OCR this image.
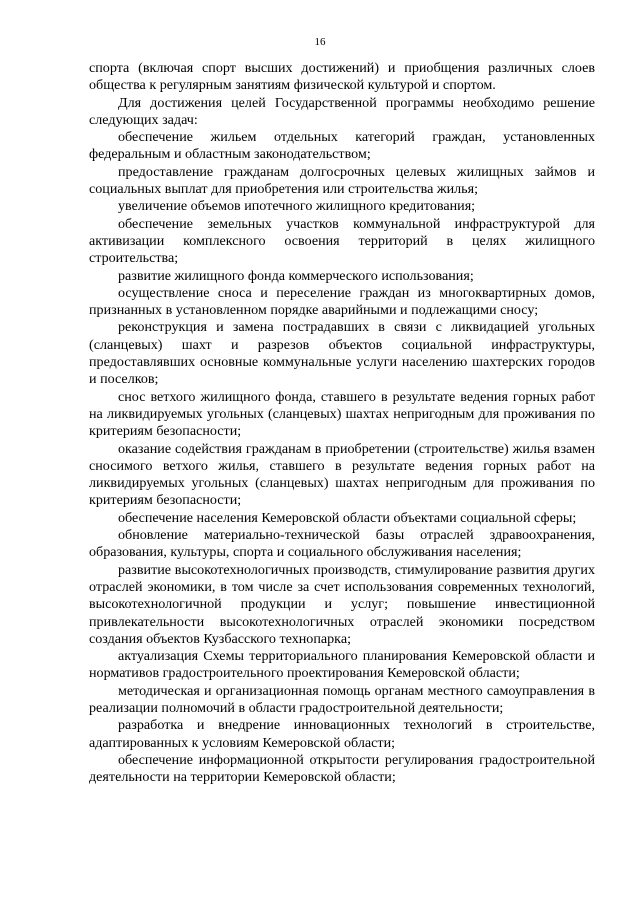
16

спорта (включая спорт высших достижений) и приобщения различных слоев общества к регулярным занятиям физической культурой и спортом.

Для достижения целей Государственной программы необходимо решение следующих задач:

обеспечение жильем отдельных категорий граждан, установленных федеральным и областным законодательством;

предоставление гражданам долгосрочных целевых жилищных займов и социальных выплат для приобретения или строительства жилья;

увеличение объемов ипотечного жилищного кредитования;

обеспечение земельных участков коммунальной инфраструктурой для активизации комплексного освоения территорий в целях жилищного строительства;

развитие жилищного фонда коммерческого использования;

осуществление сноса и переселение граждан из многоквартирных домов, признанных в установленном порядке аварийными и подлежащими сносу;

реконструкция и замена пострадавших в связи с ликвидацией угольных (сланцевых) шахт и разрезов объектов социальной инфраструктуры, предоставлявших основные коммунальные услуги населению шахтерских городов и поселков;

снос ветхого жилищного фонда, ставшего в результате ведения горных работ на ликвидируемых угольных (сланцевых) шахтах непригодным для проживания по критериям безопасности;

оказание содействия гражданам в приобретении (строительстве) жилья взамен сносимого ветхого жилья, ставшего в результате ведения горных работ на ликвидируемых угольных (сланцевых) шахтах непригодным для проживания по критериям безопасности;

обеспечение населения Кемеровской области объектами социальной сферы;

обновление материально-технической базы отраслей здравоохранения, образования, культуры, спорта и социального обслуживания населения;

развитие высокотехнологичных производств, стимулирование развития других отраслей экономики, в том числе за счет использования современных технологий, высокотехнологичной продукции и услуг; повышение инвестиционной привлекательности высокотехнологичных отраслей экономики посредством создания объектов Кузбасского технопарка;

актуализация Схемы территориального планирования Кемеровской области и нормативов градостроительного проектирования Кемеровской области;

методическая и организационная помощь органам местного самоуправления в реализации полномочий в области градостроительной деятельности;

разработка и внедрение инновационных технологий в строительстве, адаптированных к условиям Кемеровской области;

обеспечение информационной открытости регулирования градостроительной деятельности на территории Кемеровской области;
